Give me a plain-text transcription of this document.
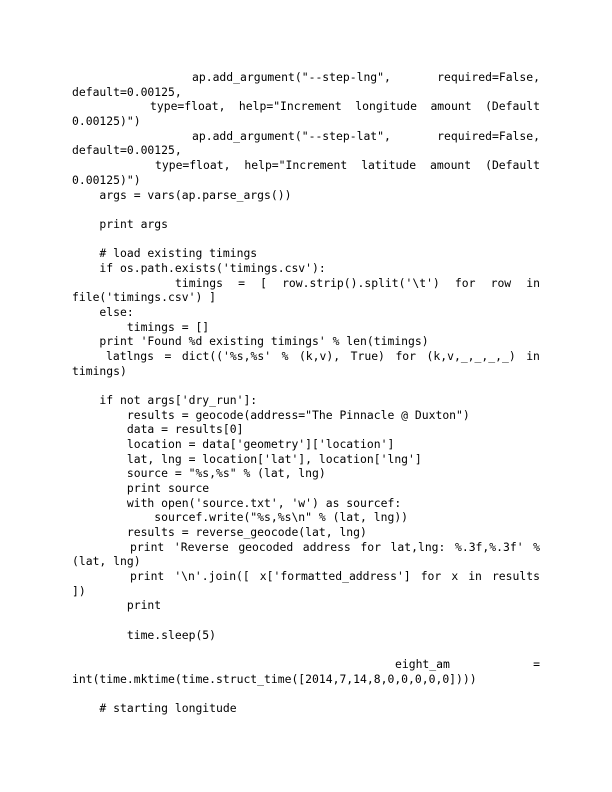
ap.add_argument("--step-lng",	required=False,
default=0.00125,
type=float, help="Increment longitude amount (Default
0.00125)")
ap.add_argument("--step-lat",	required=False,
default=0.00125,
type=float, help="Increment latitude amount (Default
0.00125)")
args = vars(ap.parse_args())
print args
# load existing timings
if os.path.exists('timings.csv'):
timings = [ row.strip().split('\t') for row in
file('timings.csv') ]
else:
timings = []
print 'Found %d existing timings' % len(timings)
latlngs = dict(('%s,%s' % (k,v), True) for (k,v,_,_,_,_) in
timings)
if not args['dry_run']:
results = geocode(address="The Pinnacle @ Duxton")
data = results[0]
location = data['geometry']['location']
lat, lng = location['lat'], location['lng']
source = "%s,%s" % (lat, lng)
print source
with open('source.txt', 'w') as sourcef:
sourcef.write("%s,%s\n" % (lat, lng))
results = reverse_geocode(lat, lng)
print 'Reverse geocoded address for lat,lng: %.3f,%.3f' %
(lat, lng)
print '\n'.join([ x['formatted_address'] for x in results
])
print
time.sleep(5)
eight_am	=
int(time.mktime(time.struct_time([2014,7,14,8,0,0,0,0,0])))
# starting longitude
